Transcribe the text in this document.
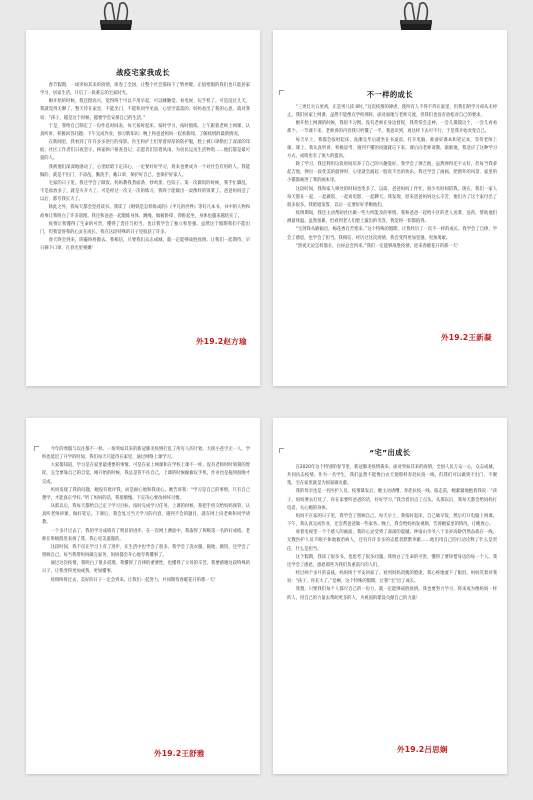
战疫宅家我成长

春节假期，一场突如其来的疫情，席卷了全国，让整个社会都按下了暂停键。正值寒假的我们也只能居家学习、居家生活，开启了一段难忘的宅家时光。

刚开始的时候，我还挺高兴，觉得终于可以不用早起，可以睡懒觉、看电视、玩手机了。可是没过几天，我就觉得无聊了，整天待在家里，不能出门，不能和同学见面，心里空落落的。妈妈看出了我的心思，就对我说：“孩子，越是这个时候，越要学会安排自己的生活。”

于是，我给自己制定了一份作息时间表，每天按时起床、按时学习、按时锻炼。上午跟着老师上网课，认真听讲，积极回答问题；下午完成作业，预习新知识；晚上和爸爸妈妈一起看新闻，了解疫情的最新情况。

在新闻里，我看到了许许多多逆行的身影。医生和护士们穿着厚厚的防护服，脸上被口罩勒出了深深的印痕；社区工作者们日夜坚守，挨家挨户排查登记；志愿者们冒着风雨，为居民运送生活物资……他们都是最可爱的人。

我被他们深深地感动了，心里暗暗下定决心，一定要好好学习，将来也要成为一个对社会有用的人。我能做的，就是不出门、不添乱，勤洗手、戴口罩，保护好自己，也保护好家人。

宅家的日子里，我还学会了做饭。妈妈教我煮面条、炒鸡蛋、包饺子。第一次做饭的时候，我手忙脚乱，不是盐放多了，就是火开大了。可是经过一次又一次的练习，我终于能做出一桌像样的饭菜了。爸爸妈妈尝了以后，都夸我长大了。

除此之外，我每天都会坚持读书。我读了《钢铁是怎样炼成的》《平凡的世界》等好几本书，书中的人物和故事让我明白了许多道理。我还和爸爸一起锻炼身体，跳绳、做俯卧撑、仰卧起坐，身体也越来越结实了。

疫情让我懂得了生命的可贵，懂得了责任与担当，也让我学会了独立和坚强。虽然这个假期我们不能出门，但我觉得我的心灵在成长，我在这段特殊的日子里收获了许多。

春天终会到来，阴霾终将散去。我相信，只要我们众志成城，就一定能够战胜疫情。让我们一起期待，早日摘下口罩，在春光里相聚！

外19.2赵方瑜
不一样的成长

“三更灯火五更鸡，正是男儿读书时。”这次疫情的肆虐，使所有人不得不待在家里，但我们的学习却从未停止。我们居家上网课，虽然不能像在学校那样，面对面地与老师交流，但我们也没有放松对自己的要求。

刚开始上网课的时候，我很不习惯。没有老师在身边督促，我常常会走神，一会儿摸摸这个，一会儿看看那个。一节课下来，老师讲的内容我只听懂了一半。我意识到，再这样下去可不行，于是我开始改变自己。

每天早上，我都会按时起床，洗漱完毕后就坐在书桌前，打开电脑，准备好课本和笔记本，等待老师上课。课上，我认真听讲，积极思考，遇到不懂的问题就记下来，课后向老师请教。渐渐地，我适应了这种学习方式，成绩也有了很大的提高。

除了学习，我还利用这段时间培养了自己的兴趣爱好。我学会了弹吉他，虽然弹得还不太好，但每当我拿起吉他，弹出一段优美的旋律时，心里就会涌起一股说不出的快乐。我还学会了画画，把窗外的风景、家里的小猫都画进了我的画本里。

这段时间，我和家人相处的时间也变多了。以前，爸爸妈妈工作忙，很少有时间陪我。现在，我们一家人每天都在一起，一起做饭、一起看电影、一起聊天。我发现，原来爸爸妈妈这么辛苦，他们为了这个家付出了很多很多。我暗暗发誓，以后一定要好好孝顺他们。

疫情期间，我还主动帮助社区做一些力所能及的事情。我和爸爸一起给小区的老人送菜、送药，帮助他们测量体温。虽然很累，但看到老人们脸上露出的笑容，我觉得一切都值得。

“宝剑锋从磨砺出，梅花香自苦寒来。”这个特殊的假期，让我经历了一次不一样的成长。我学会了自律，学会了感恩，也学会了担当。我相信，经历过这次疫情，我会变得更加坚强、更加勇敢。

“黑夜无论怎样悠长，白昼总会到来。”我们一定能够战胜疫情，迎来春暖花开的那一天！

外19.2王新凝

今年的寒假与以往都不一样。一场突如其来的新冠肺炎疫情打乱了所有人的计划，大街小巷空无一人，学校也延迟了开学的时间。我们每天只能待在家里，通过网络上课学习。

大家都知道，学习是在家里最重要的事情。可是在家上网课和在学校上课不一样，没有老师时时刻刻的督促，完全要靠自己的自觉。刚开始的时候，我总是管不住自己，上课的时候偷偷玩手机，作业也是拖到很晚才完成。

妈妈发现了我的问题，她没有批评我，而是耐心地和我谈心。她告诉我：“学习是自己的事情，只有自己想学，才能真正学好。”听了妈妈的话，我很惭愧，下定决心要改掉坏习惯。

从那以后，我每天都给自己定下学习目标，按时完成学习任务。上课的时候，我把手机交给妈妈保管，认真听老师讲课，做好笔记。下课后，我会复习当天学习的内容，遇到不会的题目，就在网上向老师和同学请教。

一个多月过去了，我的学习成绩有了明显的进步。在一次网上测验中，我取得了班级第一名的好成绩。老师在班级群里表扬了我，我心里美滋滋的。

这段时间，我不仅在学习上有了进步，在生活中也学会了很多。我学会了洗衣服、拖地、做饭，还学会了照顾自己。每当我帮妈妈做完家务，妈妈都会开心地夸我懂事了。

通过这次疫情，我明白了很多道理。我懂得了自律的重要性，也懂得了父母的辛苦。我要感谢这段特殊的日子，让我变得更加成熟，更加懂事。

疫情终将过去，美好的日子一定会到来。让我们一起努力，共同期待春暖花开的那一天！

外19.2王舒雅
“宅”出成长

在2020年这个特别的春节里，新冠肺炎疫情袭来，面对突如其来的疫情，全国人民万众一心，众志成城，共同抗击疫情。作为一名学生，我们虽然不能像白衣天使那样奔赴抗疫一线，但我们可以做到不出门、不聚集，宅在家里就是为国家做贡献。

我的母亲也是一名医护人员，疫情暴发后，她主动请缨，奔赴抗疫一线。临走前，她紧紧地抱着我说：“孩子，妈妈要去打仗了，你在家要听爸爸的话，好好学习。”我含着泪点了点头。从那以后，我每天都会给妈妈打电话，关心她的身体。

妈妈不在家的日子里，我学会了照顾自己。每天早上，我按时起床，自己做早饭，然后打开电脑上网课。下午，我认真完成作业，还会帮爸爸做一些家务。晚上，我会给妈妈发视频，告诉她家里的情况，让她放心。

看着电视里一个个感人的画面，我的心灵受到了深深的震撼。钟南山爷爷八十多岁高龄仍然奋战在一线，无数医护人员不眠不休地救治病人，还有许许多多的志愿者默默奉献……他们用自己的行动诠释了什么是责任，什么是担当。

这个假期，我读了很多书，也思考了很多问题。我明白了生命的可贵，懂得了要珍惜身边的每一个人。我还学会了感恩，感恩那些为我们负重前行的人们。

经过两个多月的奋战，妈妈终于平安回家了。看到妈妈消瘦的脸庞，我心疼地流下了眼泪。妈妈笑着对我说：“孩子，你长大了。”是啊，这个特殊的假期，让我“宅”出了成长。

我想，只要我们每个人都尽自己的一份力，就一定能够战胜疫情。我也要努力学习，将来成为像妈妈一样的人，用自己的力量去帮助更多的人，为祖国的建设贡献自己的力量！

外19.2吕思娴
